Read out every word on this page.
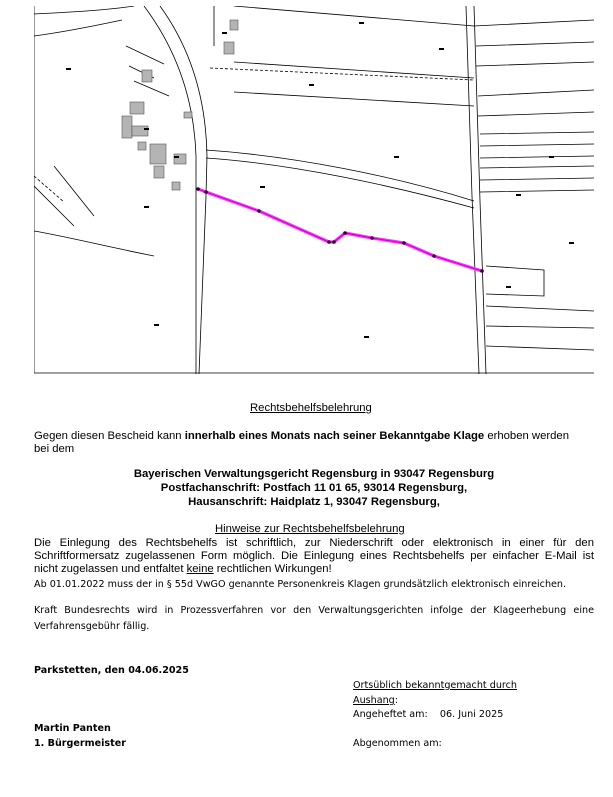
Rechtsbehelfsbelehrung
Gegen diesen Bescheid kann innerhalb eines Monats nach seiner Bekanntgabe Klage erhoben werden
bei dem
Bayerischen Verwaltungsgericht Regensburg in 93047 Regensburg
Postfachanschrift: Postfach 11 01 65, 93014 Regensburg,
Hausanschrift: Haidplatz 1, 93047 Regensburg,
Hinweise zur Rechtsbehelfsbelehrung
Die Einlegung des Rechtsbehelfs ist schriftlich, zur Niederschrift oder elektronisch in einer für den
Schriftformersatz zugelassenen Form möglich. Die Einlegung eines Rechtsbehelfs per einfacher E-Mail ist
nicht zugelassen und entfaltet keine rechtlichen Wirkungen!
Ab 01.01.2022 muss der in § 55d VwGO genannte Personenkreis Klagen grundsätzlich elektronisch einreichen.
Kraft Bundesrechts wird in Prozessverfahren vor den Verwaltungsgerichten infolge der Klageerhebung eine
Verfahrensgebühr fällig.
Parkstetten, den 04.06.2025
Ortsüblich bekanntgemacht durch
Aushang:
Angeheftet am: 06. Juni 2025
Abgenommen am:
Martin Panten
1. Bürgermeister
